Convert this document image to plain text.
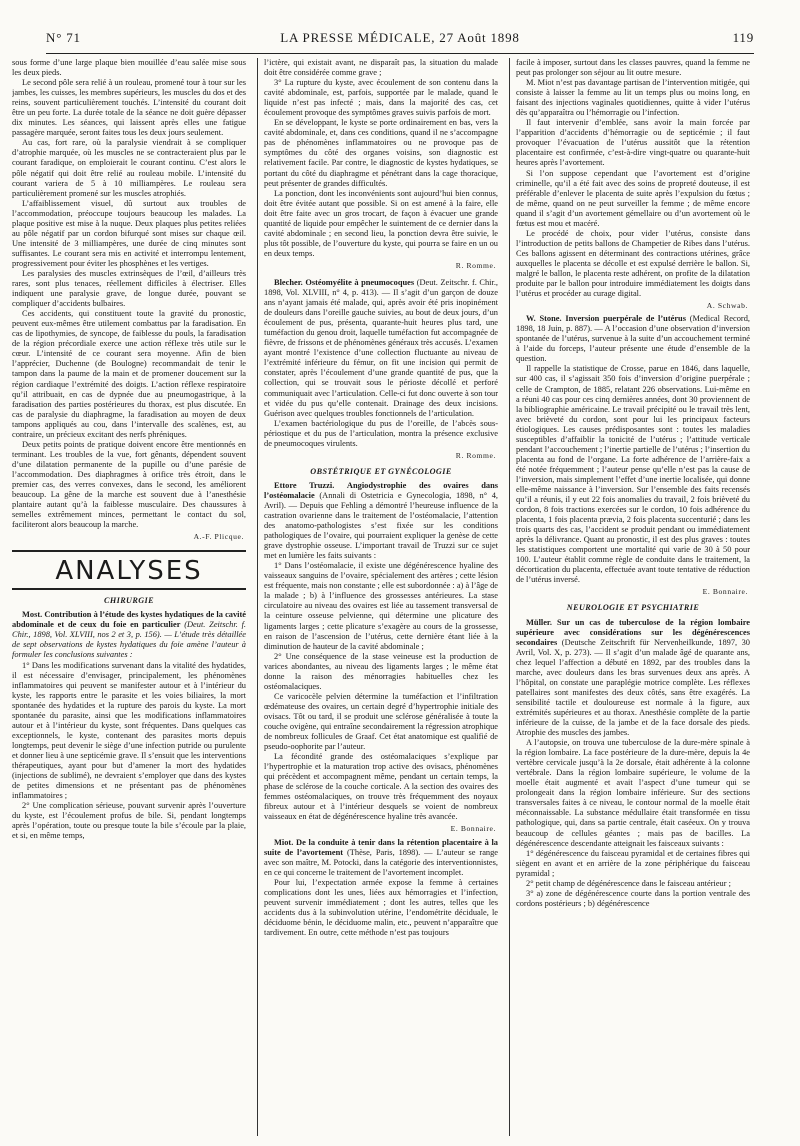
N° 71	LA PRESSE MÉDICALE, 27 Août 1898	119

sous forme d’une large plaque bien mouillée d’eau salée mise sous les deux pieds.

Le second pôle sera relié à un rouleau, promené tour à tour sur les jambes, les cuisses, les membres supérieurs, les muscles du dos et des reins, souvent particulièrement touchés. L’intensité du courant doit être un peu forte. La durée totale de la séance ne doit guère dépasser dix minutes. Les séances, qui laissent après elles une fatigue passagère marquée, seront faites tous les deux jours seulement.

Au cas, fort rare, où la paralysie viendrait à se compliquer d’atrophie marquée, où les muscles ne se contracteraient plus par le courant faradique, on emploierait le courant continu. C’est alors le pôle négatif qui doit être relié au rouleau mobile. L’intensité du courant variera de 5 à 10 milliampères. Le rouleau sera particulièrement promené sur les muscles atrophiés.

L’affaiblissement visuel, dû surtout aux troubles de l’accommodation, préoccupe toujours beaucoup les malades. La plaque positive est mise à la nuque. Deux plaques plus petites reliées au pôle négatif par un cordon bifurqué sont mises sur chaque œil. Une intensité de 3 milliampères, une durée de cinq minutes sont suffisantes. Le courant sera mis en activité et interrompu lentement, progressivement pour éviter les phosphènes et les vertiges.

Les paralysies des muscles extrinsèques de l’œil, d’ailleurs très rares, sont plus tenaces, réellement difficiles à électriser. Elles indiquent une paralysie grave, de longue durée, pouvant se compliquer d’accidents bulbaires.

Ces accidents, qui constituent toute la gravité du pronostic, peuvent eux-mêmes être utilement combattus par la faradisation. En cas de lipothymies, de syncope, de faiblesse du pouls, la faradisation de la région précordiale exerce une action réflexe très utile sur le cœur. L’intensité de ce courant sera moyenne. Afin de bien l’apprécier, Duchenne (de Boulogne) recommandait de tenir le tampon dans la paume de la main et de promener doucement sur la région cardiaque l’extrémité des doigts. L’action réflexe respiratoire qu’il attribuait, en cas de dypnée due au pneumogastrique, à la faradisation des parties postérieures du thorax, est plus discutée. En cas de paralysie du diaphragme, la faradisation au moyen de deux tampons appliqués au cou, dans l’intervalle des scalènes, est, au contraire, un précieux excitant des nerfs phréniques.

Deux petits points de pratique doivent encore être mentionnés en terminant. Les troubles de la vue, fort gênants, dépendent souvent d’une dilatation permanente de la pupille ou d’une parésie de l’accommodation. Des diaphragmes à orifice très étroit, dans le premier cas, des verres convexes, dans le second, les améliorent beaucoup. La gêne de la marche est souvent due à l’anesthésie plantaire autant qu’à la faiblesse musculaire. Des chaussures à semelles extrêmement minces, permettant le contact du sol, faciliteront alors beaucoup la marche.

A.-F. Plicque.
ANALYSES
CHIRURGIE

Most. Contribution à l’étude des kystes hydatiques de la cavité abdominale et de ceux du foie en particulier (Deut. Zeitschr. f. Chir., 1898, Vol. XLVIII, nos 2 et 3, p. 156). — L’étude très détaillée de sept observations de kystes hydatiques du foie amène l’auteur à formuler les conclusions suivantes :

1° Dans les modifications survenant dans la vitalité des hydatides, il est nécessaire d’envisager, principalement, les phénomènes inflammatoires qui peuvent se manifester autour et à l’intérieur du kyste, les rapports entre le parasite et les voies biliaires, la mort spontanée des hydatides et la rupture des parois du kyste. La mort spontanée du parasite, ainsi que les modifications inflammatoires autour et à l’intérieur du kyste, sont fréquentes. Dans quelques cas exceptionnels, le kyste, contenant des parasites morts depuis longtemps, peut devenir le siège d’une infection putride ou purulente et donner lieu à une septicémie grave. Il s’ensuit que les interventions thérapeutiques, ayant pour but d’amener la mort des hydatides (injections de sublimé), ne devraient s’employer que dans des kystes de petites dimensions et ne présentant pas de phénomènes inflammatoires ;

2° Une complication sérieuse, pouvant survenir après l’ouverture du kyste, est l’écoulement profus de bile. Si, pendant longtemps après l’opération, toute ou presque toute la bile s’écoule par la plaie, et si, en même temps,

l’ictère, qui existait avant, ne disparaît pas, la situation du malade doit être considérée comme grave ;

3° La rupture du kyste, avec écoulement de son contenu dans la cavité abdominale, est, parfois, supportée par le malade, quand le liquide n’est pas infecté ; mais, dans la majorité des cas, cet écoulement provoque des symptômes graves suivis parfois de mort.

En se développant, le kyste se porte ordinairement en bas, vers la cavité abdominale, et, dans ces conditions, quand il ne s’accompagne pas de phénomènes inflammatoires ou ne provoque pas de symptômes du côté des organes voisins, son diagnostic est relativement facile. Par contre, le diagnostic de kystes hydatiques, se portant du côté du diaphragme et pénétrant dans la cage thoracique, peut présenter de grandes difficultés.

La ponction, dont les inconvénients sont aujourd’hui bien connus, doit être évitée autant que possible. Si on est amené à la faire, elle doit être faite avec un gros trocart, de façon à évacuer une grande quantité de liquide pour empêcher le suintement de ce dernier dans la cavité abdominale ; en second lieu, la ponction devra être suivie, le plus tôt possible, de l’ouverture du kyste, qui pourra se faire en un ou en deux temps.

R. Romme.

Blecher. Ostéomyélite à pneumocoques (Deut. Zeitschr. f. Chir., 1898, Vol. XLVIII, n° 4, p. 413). — Il s’agit d’un garçon de douze ans n’ayant jamais été malade, qui, après avoir été pris inopinément de douleurs dans l’oreille gauche suivies, au bout de deux jours, d’un écoulement de pus, présenta, quarante-huit heures plus tard, une tuméfaction du genou droit, laquelle tuméfaction fut accompagnée de fièvre, de frissons et de phénomènes généraux très accusés. L’examen ayant montré l’existence d’une collection fluctuante au niveau de l’extrémité inférieure du fémur, on fit une incision qui permit de constater, après l’écoulement d’une grande quantité de pus, que la collection, qui se trouvait sous le périoste décollé et perforé communiquait avec l’articulation. Celle-ci fut donc ouverte à son tour et vidée du pus qu’elle contenait. Drainage des deux incisions. Guérison avec quelques troubles fonctionnels de l’articulation.

L’examen bactériologique du pus de l’oreille, de l’abcès sous-périostique et du pus de l’articulation, montra la présence exclusive de pneumocoques virulents.

R. Romme.
OBSTÉTRIQUE ET GYNÉCOLOGIE

Ettore Truzzi. Angiodystrophie des ovaires dans l’ostéomalacie (Annali di Ostetricia e Gynecologia, 1898, n° 4, Avril). — Depuis que Fehling a démontré l’heureuse influence de la castration ovarienne dans le traitement de l’ostéomalacie, l’attention des anatomo-pathologistes s’est fixée sur les conditions pathologiques de l’ovaire, qui pourraient expliquer la genèse de cette grave dystrophie osseuse. L’important travail de Truzzi sur ce sujet met en lumière les faits suivants :

1° Dans l’ostéomalacie, il existe une dégénérescence hyaline des vaisseaux sanguins de l’ovaire, spécialement des artères ; cette lésion est fréquente, mais non constante ; elle est subordonnée : a) à l’âge de la malade ; b) à l’influence des grossesses antérieures. La stase circulatoire au niveau des ovaires est liée au tassement transversal de la ceinture osseuse pelvienne, qui détermine une plicature des ligaments larges ; cette plicature s’exagère au cours de la grossesse, en raison de l’ascension de l’utérus, cette dernière étant liée à la diminution de hauteur de la cavité abdominale ;

2° Une conséquence de la stase veineuse est la production de varices abondantes, au niveau des ligaments larges ; le même état donne la raison des ménorragies habituelles chez les ostéomalaciques.

Ce varicocèle pelvien détermine la tuméfaction et l’infiltration œdémateuse des ovaires, un certain degré d’hypertrophie initiale des ovisacs. Tôt ou tard, il se produit une sclérose généralisée à toute la couche ovigène, qui entraîne secondairement la régression atrophique de nombreux follicules de Graaf. Cet état anatomique est qualifié de pseudo-oophorite par l’auteur.

La fécondité grande des ostéomalaciques s’explique par l’hypertrophie et la maturation trop active des ovisacs, phénomènes qui précèdent et accompagnent même, pendant un certain temps, la phase de sclérose de la couche corticale. A la section des ovaires des femmes ostéomalaciques, on trouve très fréquemment des noyaux fibreux autour et à l’intérieur desquels se voient de nombreux vaisseaux en état de dégénérescence hyaline très avancée.

E. Bonnaire.

Miot. De la conduite à tenir dans la rétention placentaire à la suite de l’avortement (Thèse, Paris, 1898). — L’auteur se range avec son maître, M. Potocki, dans la catégorie des interventionnistes, en ce qui concerne le traitement de l’avortement incomplet.

Pour lui, l’expectation armée expose la femme à certaines complications dont les unes, liées aux hémorragies et l’infection, peuvent survenir immédiatement ; dont les autres, telles que les accidents dus à la subinvolution utérine, l’endométrite déciduale, le déciduome bénin, le déciduome malin, etc., peuvent n’apparaître que tardivement. En outre, cette méthode n’est pas toujours

facile à imposer, surtout dans les classes pauvres, quand la femme ne peut pas prolonger son séjour au lit outre mesure.

M. Miot n’est pas davantage partisan de l’intervention mitigée, qui consiste à laisser la femme au lit un temps plus ou moins long, en faisant des injections vaginales quotidiennes, quitte à vider l’utérus dès qu’apparaîtra ou l’hémorragie ou l’infection.

Il faut intervenir d’emblée, sans avoir la main forcée par l’apparition d’accidents d’hémorragie ou de septicémie ; il faut provoquer l’évacuation de l’utérus aussitôt que la rétention placentaire est confirmée, c’est-à-dire vingt-quatre ou quarante-huit heures après l’avortement.

Si l’on suppose cependant que l’avortement est d’origine criminelle, qu’il a été fait avec des soins de propreté douteuse, il est préférable d’enlever le placenta de suite après l’expulsion du fœtus ; de même, quand on ne peut surveiller la femme ; de même encore quand il s’agit d’un avortement gémellaire ou d’un avortement où le fœtus est mou et macéré.

Le procédé de choix, pour vider l’utérus, consiste dans l’introduction de petits ballons de Champetier de Ribes dans l’utérus. Ces ballons agissent en déterminant des contractions utérines, grâce auxquelles le placenta se décolle et est expulsé derrière le ballon. Si, malgré le ballon, le placenta reste adhérent, on profite de la dilatation produite par le ballon pour introduire immédiatement les doigts dans l’utérus et procéder au curage digital.

A. Schwab.

W. Stone. Inversion puerpérale de l’utérus (Medical Record, 1898, 18 Juin, p. 887). — A l’occasion d’une observation d’inversion spontanée de l’utérus, survenue à la suite d’un accouchement terminé à l’aide du forceps, l’auteur présente une étude d’ensemble de la question.

Il rappelle la statistique de Crosse, parue en 1846, dans laquelle, sur 400 cas, il s’agissait 350 fois d’inversion d’origine puerpérale ; celle de Crampton, de 1885, relatant 226 observations. Lui-même en a réuni 40 cas pour ces cinq dernières années, dont 30 proviennent de la bibliographie américaine. Le travail précipité ou le travail très lent, avec brièveté du cordon, sont pour lui les principaux facteurs étiologiques. Les causes prédisposantes sont : toutes les maladies susceptibles d’affaiblir la tonicité de l’utérus ; l’attitude verticale pendant l’accouchement ; l’inertie partielle de l’utérus ; l’insertion du placenta au fond de l’organe. La forte adhérence de l’arrière-faix a été notée fréquemment ; l’auteur pense qu’elle n’est pas la cause de l’inversion, mais simplement l’effet d’une inertie localisée, qui donne elle-même naissance à l’inversion. Sur l’ensemble des faits recensés qu’il a réunis, il y eut 22 fois anomalies du travail, 2 fois brièveté du cordon, 8 fois tractions exercées sur le cordon, 10 fois adhérence du placenta, 1 fois placenta prævia, 2 fois placenta succenturié ; dans les trois quarts des cas, l’accident se produit pendant ou immédiatement après la délivrance. Quant au pronostic, il est des plus graves : toutes les statistiques comportent une mortalité qui varie de 30 à 50 pour 100. L’auteur établit comme règle de conduite dans le traitement, la décortication du placenta, effectuée avant toute tentative de réduction de l’utérus inversé.

E. Bonnaire.
NEUROLOGIE ET PSYCHIATRIE

Müller. Sur un cas de tuberculose de la région lombaire supérieure avec considérations sur les dégénérescences secondaires (Deutsche Zeitschrift für Nervenheilkunde, 1897, 30 Avril, Vol. X, p. 273). — Il s’agit d’un malade âgé de quarante ans, chez lequel l’affection a débuté en 1892, par des troubles dans la marche, avec douleurs dans les bras survenues deux ans après. A l’hôpital, on constate une paraplégie motrice complète. Les réflexes patellaires sont manifestes des deux côtés, sans être exagérés. La sensibilité tactile et douloureuse est normale à la figure, aux extrémités supérieures et au thorax. Anesthésie complète de la partie inférieure de la cuisse, de la jambe et de la face dorsale des pieds. Atrophie des muscles des jambes.

A l’autopsie, on trouva une tuberculose de la dure-mère spinale à la région lombaire. La face postérieure de la dure-mère, depuis la 4e vertèbre cervicale jusqu’à la 2e dorsale, était adhérente à la colonne vertébrale. Dans la région lombaire supérieure, le volume de la moelle était augmenté et avait l’aspect d’une tumeur qui se prolongeait dans la région lombaire inférieure. Sur des sections transversales faites à ce niveau, le contour normal de la moelle était méconnaissable. La substance médullaire était transformée en tissu pathologique, qui, dans sa partie centrale, était caséeux. On y trouva beaucoup de cellules géantes ; mais pas de bacilles. La dégénérescence descendante atteignait les faisceaux suivants :

1° dégénérescence du faisceau pyramidal et de certaines fibres qui siègent en avant et en arrière de la zone périphérique du faisceau pyramidal ;

2° petit champ de dégénérescence dans le faisceau antérieur ;

3° a) zone de dégénérescence courte dans la portion ventrale des cordons postérieurs ; b) dégénérescence
